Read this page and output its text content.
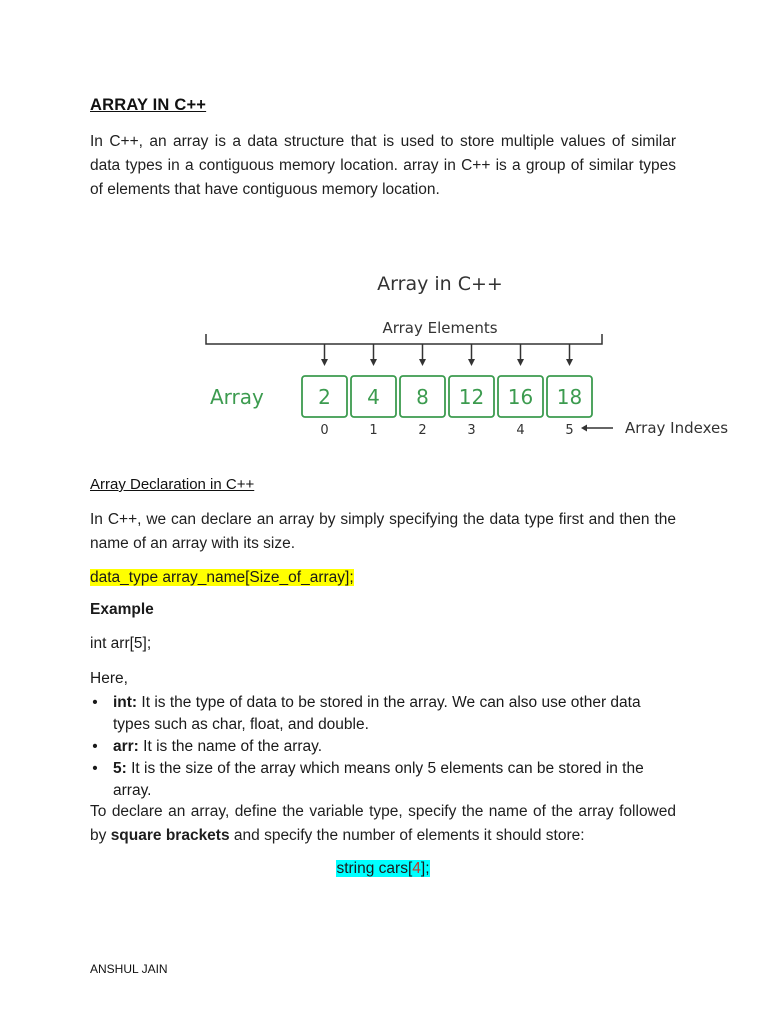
ARRAY IN C++

In C++, an array is a data structure that is used to store multiple values of similar data types in a contiguous memory location. array in C++ is a group of similar types of elements that have contiguous memory location.

Array in C++
Array Elements
Array	2 4 8 12 16 18
0	1	2	3	4	5	Array Indexes
Array Declaration in C++

In C++, we can declare an array by simply specifying the data type first and then the name of an array with its size.

data_type array_name[Size_of_array];
Example
int arr[5];
Here,
• int: It is the type of data to be stored in the array. We can also use other data types such as char, float, and double.
• arr: It is the name of the array.
• 5: It is the size of the array which means only 5 elements can be stored in the array.

To declare an array, define the variable type, specify the name of the array followed by square brackets and specify the number of elements it should store:

string cars[4];
ANSHUL JAIN
